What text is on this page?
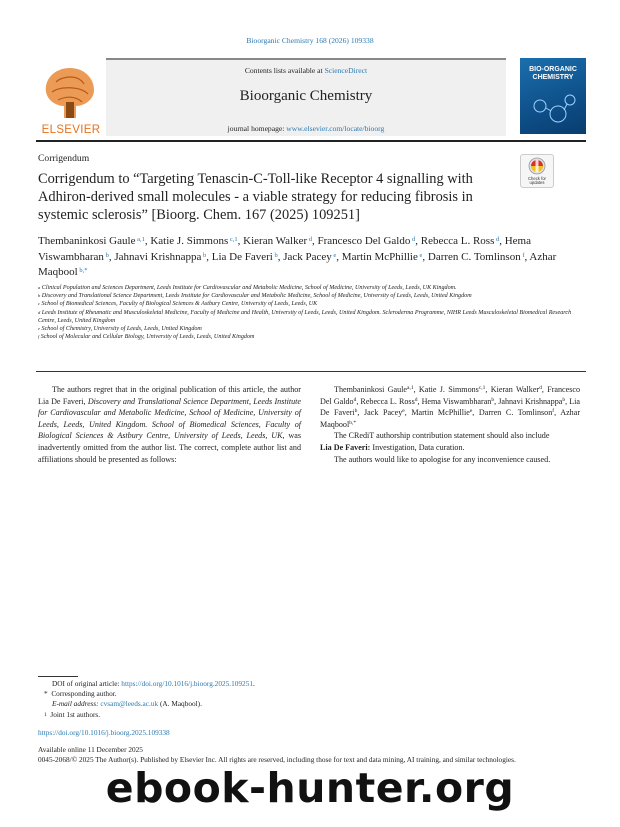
Bioorganic Chemistry 168 (2026) 109338
ELSEVIER
Contents lists available at ScienceDirect
Bioorganic Chemistry
journal homepage: www.elsevier.com/locate/bioorg
BIO-ORGANIC CHEMISTRY
Corrigendum
Check for updates
Corrigendum to “Targeting Tenascin-C-Toll-like Receptor 4 signalling with Adhiron-derived small molecules - a viable strategy for reducing fibrosis in systemic sclerosis” [Bioorg. Chem. 167 (2025) 109251]
Thembaninkosi Gaule $^{a,1}$, Katie J. Simmons $^{c,1}$, Kieran Walker $^d$, Francesco Del Galdo $^d$, Rebecca L. Ross $^d$, Hema Viswambharan $^b$, Jahnavi Krishnappa $^b$, Lia De Faveri $^b$, Jack Pacey $^e$, Martin McPhillie $^e$, Darren C. Tomlinson $^f$, Azhar Maqbool $^{b,*}$
$^a$ Clinical Population and Sciences Department, Leeds Institute for Cardiovascular and Metabolic Medicine, School of Medicine, University of Leeds, Leeds, UK Kingdom.
$^b$ Discovery and Translational Science Department, Leeds Institute for Cardiovascular and Metabolic Medicine, School of Medicine, University of Leeds, Leeds, United Kingdom
$^c$ School of Biomedical Sciences, Faculty of Biological Sciences & Astbury Centre, University of Leeds, Leeds, UK
$^d$ Leeds Institute of Rheumatic and Musculoskeletal Medicine, Faculty of Medicine and Health, University of Leeds, Leeds, United Kingdom. Scleroderma Programme, NIHR Leeds Musculoskeletal Biomedical Research Centre, Leeds, United Kingdom
$^e$ School of Chemistry, University of Leeds, Leeds, United Kingdom
$^f$ School of Molecular and Cellular Biology, University of Leeds, Leeds, United Kingdom

The authors regret that in the original publication of this article, the author Lia De Faveri, Discovery and Translational Science Department, Leeds Institute for Cardiovascular and Metabolic Medicine, School of Medicine, University of Leeds, Leeds, United Kingdom. School of Biomedical Sciences, Faculty of Biological Sciences & Astbury Centre, University of Leeds, Leeds, UK, was inadvertently omitted from the author list. The correct, complete author list and affiliations should be presented as follows:

Thembaninkosi Gaule$^{a,1}$, Katie J. Simmons$^{c,1}$, Kieran Walker$^d$, Francesco Del Galdo$^d$, Rebecca L. Ross$^d$, Hema Viswambharan$^b$, Jahnavi Krishnappa$^b$, Lia De Faveri$^b$, Jack Pacey$^e$, Martin McPhillie$^e$, Darren C. Tomlinson$^f$, Azhar Maqbool$^{b,*}$

The CRediT authorship contribution statement should also include
Lia De Faveri: Investigation, Data curation.

The authors would like to apologise for any inconvenience caused.

DOI of original article: https://doi.org/10.1016/j.bioorg.2025.109251.
* Corresponding author.
E-mail address: cvsam@leeds.ac.uk (A. Maqbool).
$^1$ Joint 1st authors.
https://doi.org/10.1016/j.bioorg.2025.109338
Available online 11 December 2025
0045-2068/© 2025 The Author(s). Published by Elsevier Inc. All rights are reserved, including those for text and data mining, AI training, and similar technologies.
ebook-hunter.org
